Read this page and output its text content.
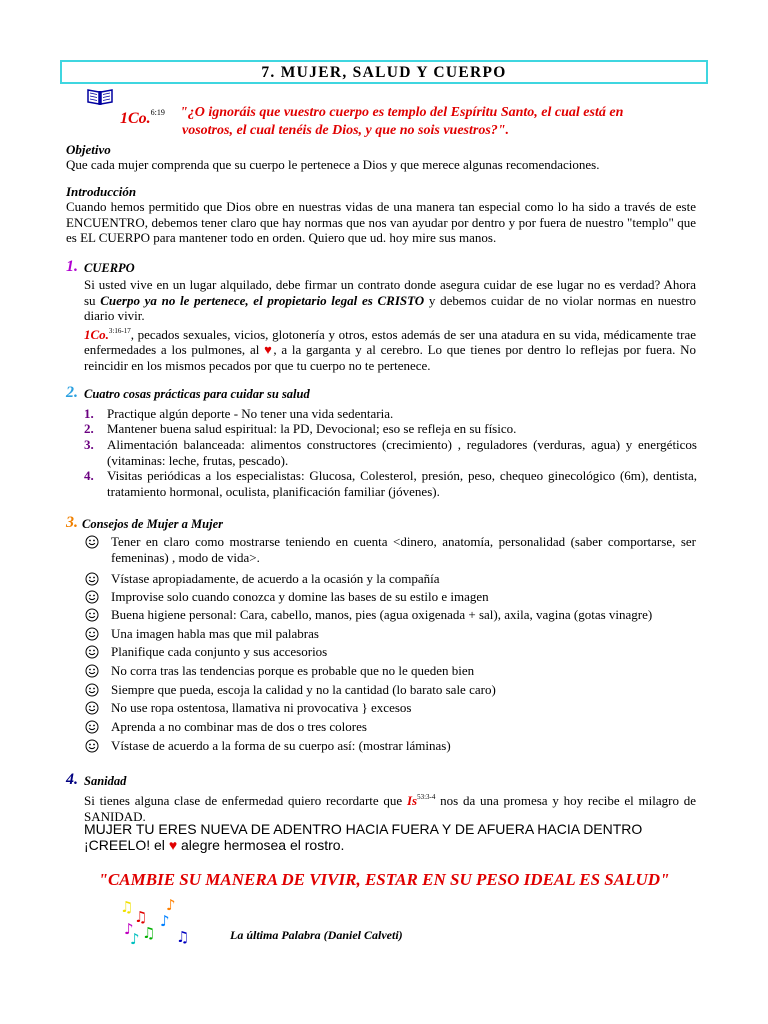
7. MUJER, SALUD Y CUERPO
1Co.$^{6:19}$ "¿O ignoráis que vuestro cuerpo es templo del Espíritu Santo, el cual está en
vosotros, el cual tenéis de Dios, y que no sois vuestros?".
Objetivo
Que cada mujer comprenda que su cuerpo le pertenece a Dios y que merece algunas recomendaciones.
Introducción
Cuando hemos permitido que Dios obre en nuestras vidas de una manera tan especial como lo ha sido a través de este ENCUENTRO, debemos tener claro que hay normas que nos van ayudar por dentro y por fuera de nuestro "templo" que es EL CUERPO para mantener todo en orden. Quiero que ud. hoy mire sus manos.
1. CUERPO
Si usted vive en un lugar alquilado, debe firmar un contrato donde asegura cuidar de ese lugar no es verdad? Ahora su Cuerpo ya no le pertenece, el propietario legal es CRISTO y debemos cuidar de no violar normas en nuestro diario vivir.
1Co.$^{3:16-17}$, pecados sexuales, vicios, glotonería y otros, estos además de ser una atadura en su vida, médicamente trae enfermedades a los pulmones, al ♥, a la garganta y al cerebro. Lo que tienes por dentro lo reflejas por fuera. No reincidir en los mismos pecados por que tu cuerpo no te pertenece.
2. Cuatro cosas prácticas para cuidar su salud
1. Practique algún deporte - No tener una vida sedentaria.
2. Mantener buena salud espiritual: la PD, Devocional; eso se refleja en su físico.
3. Alimentación balanceada: alimentos constructores (crecimiento) , reguladores (verduras, agua) y energéticos (vitaminas: leche, frutas, pescado).
4. Visitas periódicas a los especialistas: Glucosa, Colesterol, presión, peso, chequeo ginecológico (6m), dentista, tratamiento hormonal, oculista, planificación familiar (jóvenes).
3. Consejos de Mujer a Mujer
Tener en claro como mostrarse teniendo en cuenta <dinero, anatomía, personalidad (saber comportarse, ser femeninas) , modo de vida>.
Vístase apropiadamente, de acuerdo a la ocasión y la compañía
Improvise solo cuando conozca y domine las bases de su estilo e imagen
Buena higiene personal: Cara, cabello, manos, pies (agua oxigenada + sal), axila, vagina (gotas vinagre)
Una imagen habla mas que mil palabras
Planifique cada conjunto y sus accesorios
No corra tras las tendencias porque es probable que no le queden bien
Siempre que pueda, escoja la calidad y no la cantidad (lo barato sale caro)
No use ropa ostentosa, llamativa ni provocativa } excesos
Aprenda a no combinar mas de dos o tres colores
Vístase de acuerdo a la forma de su cuerpo así: (mostrar láminas)
4. Sanidad
Si tienes alguna clase de enfermedad quiero recordarte que $Is^{53:3-4}$ nos da una promesa y hoy recibe el milagro de SANIDAD.
MUJER TU ERES NUEVA DE ADENTRO HACIA FUERA Y DE AFUERA HACIA DENTRO
¡CREELO! el ♥ alegre hermosea el rostro.
"CAMBIE SU MANERA DE VIVIR, ESTAR EN SU PESO IDEAL ES SALUD"
♫
♫
♪ ♫
♪
♪
♫
♪	La última Palabra (Daniel Calveti)
